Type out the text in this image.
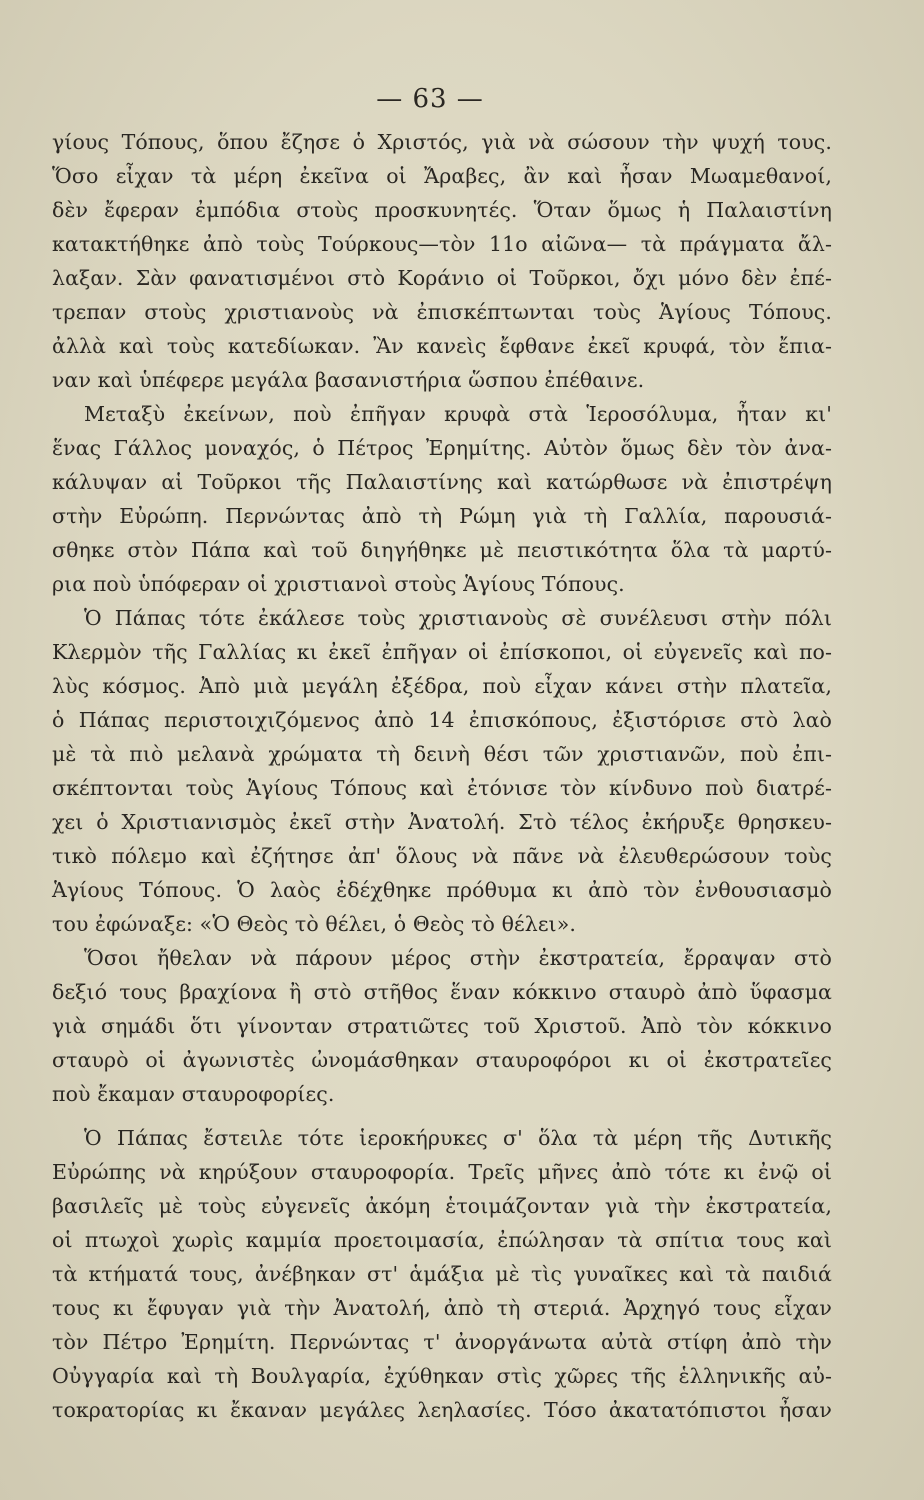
— 63 —
γίους Τόπους, ὅπου ἔζησε ὁ Χριστός, γιὰ νὰ σώσουν τὴν ψυχή τους.
Ὅσο εἶχαν τὰ μέρη ἐκεῖνα οἱ Ἄραβες, ἂν καὶ ἦσαν Μωαμεθανοί,
δὲν ἔφεραν ἐμπόδια στοὺς προσκυνητές. Ὅταν ὅμως ἡ Παλαιστίνη
κατακτήθηκε ἀπὸ τοὺς Τούρκους—τὸν 11ο αἰῶνα— τὰ πράγματα ἄλ-
λαξαν. Σὰν φανατισμένοι στὸ Κοράνιο οἱ Τοῦρκοι, ὄχι μόνο δὲν ἐπέ-
τρεπαν στοὺς χριστιανοὺς νὰ ἐπισκέπτωνται τοὺς Ἁγίους Τόπους.
ἀλλὰ καὶ τοὺς κατεδίωκαν. Ἂν κανεὶς ἔφθανε ἐκεῖ κρυφά, τὸν ἔπια-
ναν καὶ ὑπέφερε μεγάλα βασανιστήρια ὥσπου ἐπέθαινε.
Μεταξὺ ἐκείνων, ποὺ ἐπῆγαν κρυφὰ στὰ Ἱεροσόλυμα, ἦταν κι'
ἕνας Γάλλος μοναχός, ὁ Πέτρος Ἐρημίτης. Αὐτὸν ὅμως δὲν τὸν ἀνα-
κάλυψαν αἱ Τοῦρκοι τῆς Παλαιστίνης καὶ κατώρθωσε νὰ ἐπιστρέψη
στὴν Εὐρώπη. Περνώντας ἀπὸ τὴ Ρώμη γιὰ τὴ Γαλλία, παρουσιά-
σθηκε στὸν Πάπα καὶ τοῦ διηγήθηκε μὲ πειστικότητα ὅλα τὰ μαρτύ-
ρια ποὺ ὑπόφεραν οἱ χριστιανοὶ στοὺς Ἁγίους Τόπους.
Ὁ Πάπας τότε ἐκάλεσε τοὺς χριστιανοὺς σὲ συνέλευσι στὴν πόλι
Κλερμὸν τῆς Γαλλίας κι ἐκεῖ ἐπῆγαν οἱ ἐπίσκοποι, οἱ εὐγενεῖς καὶ πο-
λὺς κόσμος. Ἀπὸ μιὰ μεγάλη ἐξέδρα, ποὺ εἶχαν κάνει στὴν πλατεῖα,
ὁ Πάπας περιστοιχιζόμενος ἀπὸ 14 ἐπισκόπους, ἐξιστόρισε στὸ λαὸ
μὲ τὰ πιὸ μελανὰ χρώματα τὴ δεινὴ θέσι τῶν χριστιανῶν, ποὺ ἐπι-
σκέπτονται τοὺς Ἁγίους Τόπους καὶ ἐτόνισε τὸν κίνδυνο ποὺ διατρέ-
χει ὁ Χριστιανισμὸς ἐκεῖ στὴν Ἀνατολή. Στὸ τέλος ἐκήρυξε θρησκευ-
τικὸ πόλεμο καὶ ἐζήτησε ἀπ' ὅλους νὰ πᾶνε νὰ ἐλευθερώσουν τοὺς
Ἁγίους Τόπους. Ὁ λαὸς ἐδέχθηκε πρόθυμα κι ἀπὸ τὸν ἐνθουσιασμὸ
του ἐφώναξε: «Ὁ Θεὸς τὸ θέλει, ὁ Θεὸς τὸ θέλει».
Ὅσοι ἤθελαν νὰ πάρουν μέρος στὴν ἐκστρατεία, ἔρραψαν στὸ
δεξιό τους βραχίονα ἢ στὸ στῆθος ἕναν κόκκινο σταυρὸ ἀπὸ ὕφασμα
γιὰ σημάδι ὅτι γίνονταν στρατιῶτες τοῦ Χριστοῦ. Ἀπὸ τὸν κόκκινο
σταυρὸ οἱ ἀγωνιστὲς ὠνομάσθηκαν σταυροφόροι κι οἱ ἐκστρατεῖες
ποὺ ἔκαμαν σταυροφορίες.
Ὁ Πάπας ἔστειλε τότε ἱεροκήρυκες σ' ὅλα τὰ μέρη τῆς Δυτικῆς
Εὐρώπης νὰ κηρύξουν σταυροφορία. Τρεῖς μῆνες ἀπὸ τότε κι ἐνῷ οἱ
βασιλεῖς μὲ τοὺς εὐγενεῖς ἀκόμη ἑτοιμάζονταν γιὰ τὴν ἐκστρατεία,
οἱ πτωχοὶ χωρὶς καμμία προετοιμασία, ἐπώλησαν τὰ σπίτια τους καὶ
τὰ κτήματά τους, ἀνέβηκαν στ' ἁμάξια μὲ τὶς γυναῖκες καὶ τὰ παιδιά
τους κι ἔφυγαν γιὰ τὴν Ἀνατολή, ἀπὸ τὴ στεριά. Ἀρχηγό τους εἶχαν
τὸν Πέτρο Ἐρημίτη. Περνώντας τ' ἀνοργάνωτα αὐτὰ στίφη ἀπὸ τὴν
Οὐγγαρία καὶ τὴ Βουλγαρία, ἐχύθηκαν στὶς χῶρες τῆς ἑλληνικῆς αὐ-
τοκρατορίας κι ἔκαναν μεγάλες λεηλασίες. Τόσο ἀκατατόπιστοι ἦσαν
